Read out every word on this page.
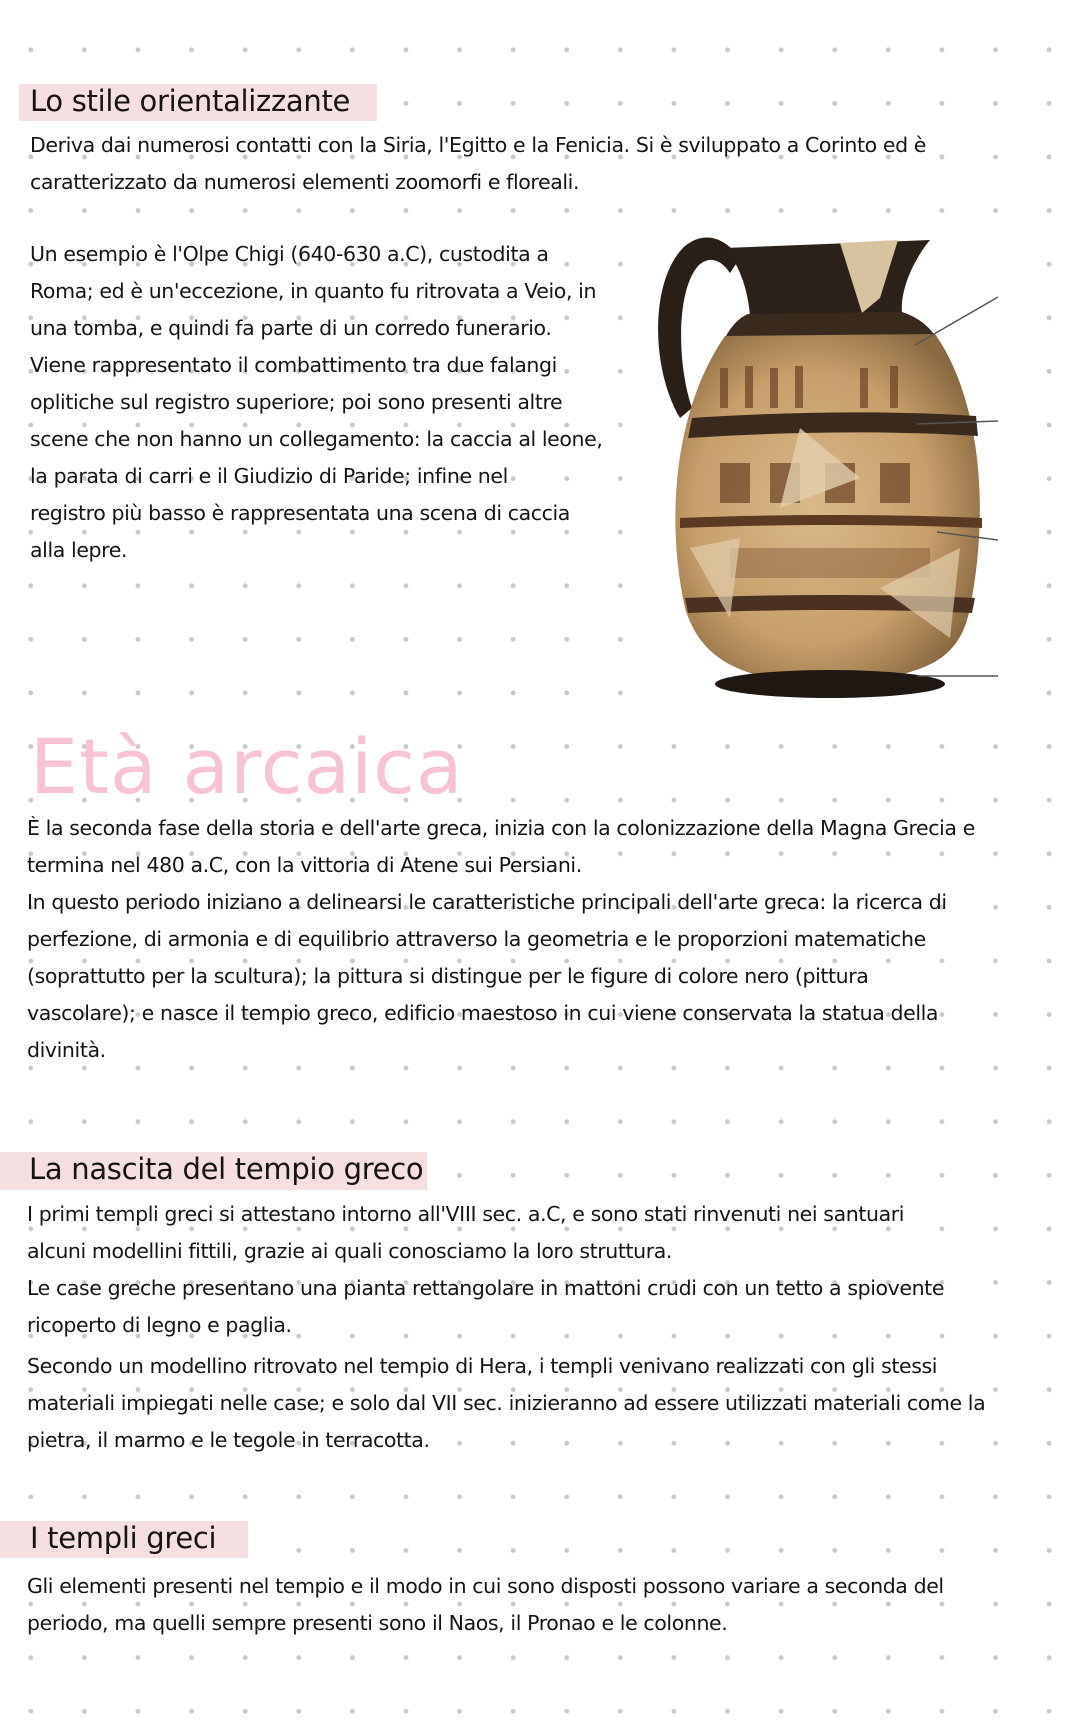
Lo stile orientalizzante

Deriva dai numerosi contatti con la Siria, l'Egitto e la Fenicia. Si è sviluppato a Corinto ed è

caratterizzato da numerosi elementi zoomorfi e floreali.

Un esempio è l'Olpe Chigi (640-630 a.C), custodita a

Roma; ed è un'eccezione, in quanto fu ritrovata a Veio, in

una tomba, e quindi fa parte di un corredo funerario.

Viene rappresentato il combattimento tra due falangi

oplitiche sul registro superiore; poi sono presenti altre

scene che non hanno un collegamento: la caccia al leone,

la parata di carri e il Giudizio di Paride; infine nel

registro più basso è rappresentata una scena di caccia

alla lepre.

Età arcaica

È la seconda fase della storia e dell'arte greca, inizia con la colonizzazione della Magna Grecia e

termina nel 480 a.C, con la vittoria di Atene sui Persiani.

In questo periodo iniziano a delinearsi le caratteristiche principali dell'arte greca: la ricerca di

perfezione, di armonia e di equilibrio attraverso la geometria e le proporzioni matematiche

(soprattutto per la scultura); la pittura si distingue per le figure di colore nero (pittura

vascolare); e nasce il tempio greco, edificio maestoso in cui viene conservata la statua della

divinità.

La nascita del tempio greco

I primi templi greci si attestano intorno all'VIII sec. a.C, e sono stati rinvenuti nei santuari

alcuni modellini fittili, grazie ai quali conosciamo la loro struttura.

Le case greche presentano una pianta rettangolare in mattoni crudi con un tetto a spiovente

ricoperto di legno e paglia.

Secondo un modellino ritrovato nel tempio di Hera, i templi venivano realizzati con gli stessi

materiali impiegati nelle case; e solo dal VII sec. inizieranno ad essere utilizzati materiali come la

pietra, il marmo e le tegole in terracotta.

I templi greci

Gli elementi presenti nel tempio e il modo in cui sono disposti possono variare a seconda del

periodo, ma quelli sempre presenti sono il Naos, il Pronao e le colonne.
